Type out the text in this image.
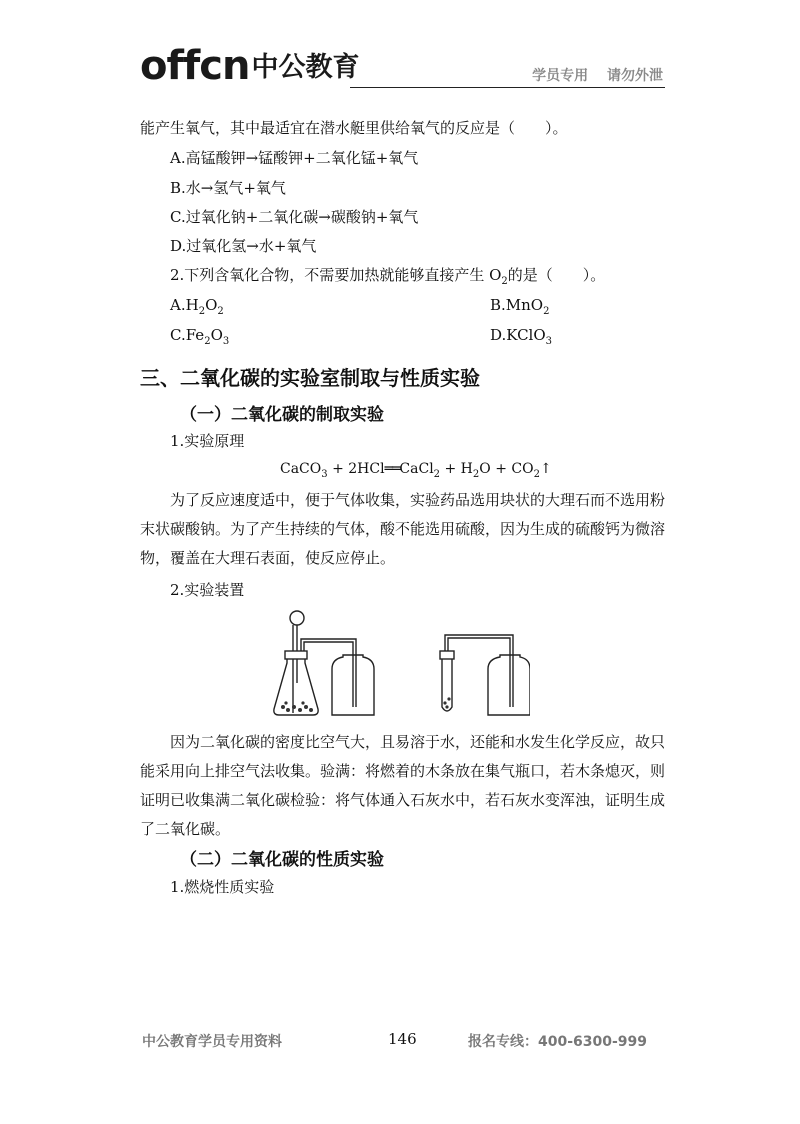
offcn 中公教育	学员专用 请勿外泄
能产生氧气，其中最适宜在潜水艇里供给氧气的反应是（　　）。
A.高锰酸钾→锰酸钾+二氧化锰+氧气
B.水→氢气+氧气
C.过氧化钠+二氧化碳→碳酸钠+氧气
D.过氧化氢→水+氧气
2.下列含氧化合物，不需要加热就能够直接产生 $O_2$的是（　　）。
$A.H_2O_2$	B.MnO$_2$
$C.Fe_2O_3$	D.KClO$_3$
三、二氧化碳的实验室制取与性质实验
（一）二氧化碳的制取实验
1.实验原理
CaCO$_3$ + 2HCl══CaCl$_2$ + $H_2O$ + $CO_2↑$
为了反应速度适中，便于气体收集，实验药品选用块状的大理石而不选用粉末状碳酸钠。为了产生持续的气体，酸不能选用硫酸，因为生成的硫酸钙为微溶物，覆盖在大理石表面，使反应停止。
2.实验装置
因为二氧化碳的密度比空气大，且易溶于水，还能和水发生化学反应，故只能采用向上排空气法收集。验满：将燃着的木条放在集气瓶口，若木条熄灭，则证明已收集满二氧化碳检验：将气体通入石灰水中，若石灰水变浑浊，证明生成了二氧化碳。
（二）二氧化碳的性质实验
1.燃烧性质实验
中公教育学员专用资料	146	报名专线：400-6300-999
